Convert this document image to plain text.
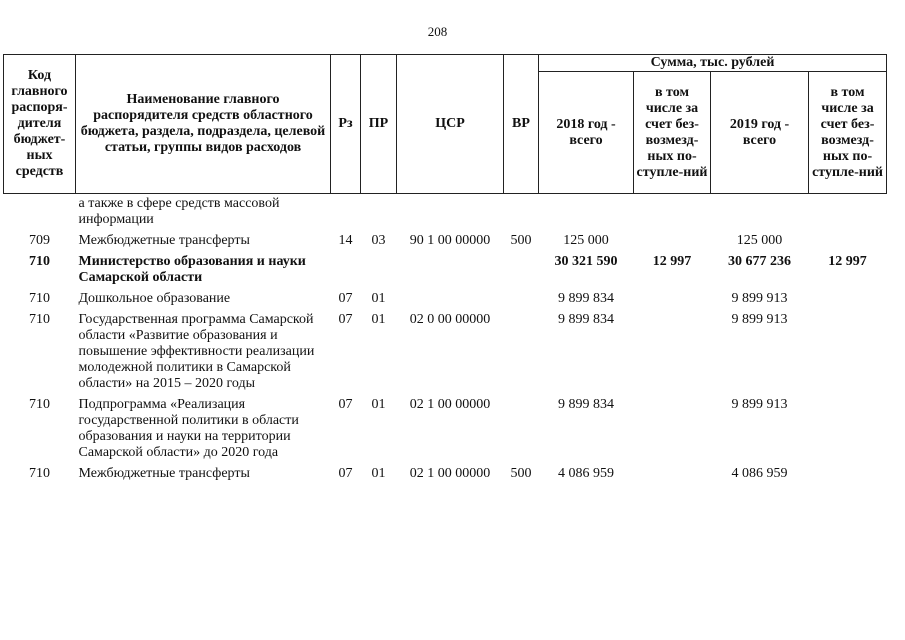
208
Код главного распоря-дителя бюджет-ных средств	Наименование главного распорядителя средств областного бюджета, раздела, подраздела, целевой статьи, группы видов расходов	Рз	ПР	ЦСР	ВР	Сумма, тыс. рублей			
						2018 год - всего	в том числе за счет без-возмезд-ных по-ступле-ний	2019 год - всего	в том числе за счет без-возмезд-ных по-ступле-ний
	а также в сфере средств массовой информации								
709	Межбюджетные трансферты	14	03	90 1 00 00000	500	125 000		125 000	
710	Министерство образования и науки Самарской области					30 321 590	12 997	30 677 236	12 997
710	Дошкольное образование	07	01			9 899 834		9 899 913	
710	Государственная программа Самарской области «Развитие образования и повышение эффективности реализации молодежной политики в Самарской области» на 2015 – 2020 годы	07	01	02 0 00 00000		9 899 834		9 899 913	
710	Подпрограмма «Реализация государственной политики в области образования и науки на территории Самарской области» до 2020 года	07	01	02 1 00 00000		9 899 834		9 899 913	
710	Межбюджетные трансферты	07	01	02 1 00 00000	500	4 086 959		4 086 959	
